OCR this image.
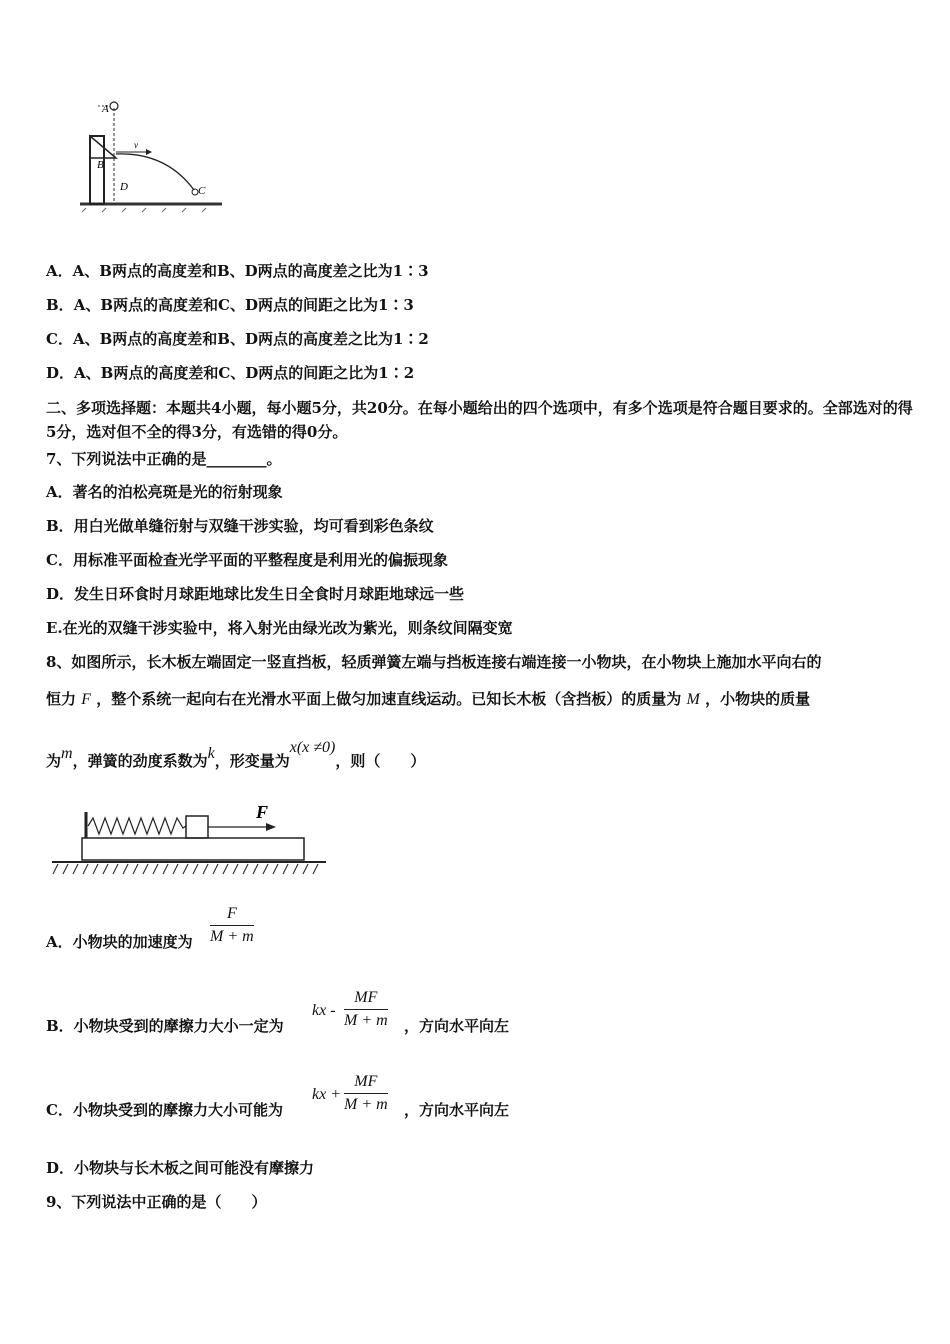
A
B
v
D	C
A．A、B两点的高度差和B、D两点的高度差之比为1∶3
B．A、B两点的高度差和C、D两点的间距之比为1∶3
C．A、B两点的高度差和B、D两点的高度差之比为1∶2
D．A、B两点的高度差和C、D两点的间距之比为1∶2
二、多项选择题：本题共4小题，每小题5分，共20分。在每小题给出的四个选项中，有多个选项是符合题目要求的。全部选对的得5分，选对但不全的得3分，有选错的得0分。
7、下列说法中正确的是________。
A．著名的泊松亮斑是光的衍射现象
B．用白光做单缝衍射与双缝干涉实验，均可看到彩色条纹
C．用标准平面检查光学平面的平整程度是利用光的偏振现象
D．发生日环食时月球距地球比发生日全食时月球距地球远一些
E.在光的双缝干涉实验中，将入射光由绿光改为紫光，则条纹间隔变宽
8、如图所示，长木板左端固定一竖直挡板，轻质弹簧左端与挡板连接右端连接一小物块，在小物块上施加水平向右的
恒力 F ，整个系统一起向右在光滑水平面上做匀加速直线运动。已知长木板（含挡板）的质量为 M ，小物块的质量
为m，弹簧的劲度系数为k，形变量为x(x ≠0)，则（　　）
F
A．小物块的加速度为 $\frac{F}{M + m}$
B．小物块受到的摩擦力大小一定为
kx - $\frac{MF}{M + m}$ ，方向水平向左
C．小物块受到的摩擦力大小可能为
kx + $\frac{MF}{M + m}$ ，方向水平向左
D．小物块与长木板之间可能没有摩擦力
9、下列说法中正确的是（　　）
